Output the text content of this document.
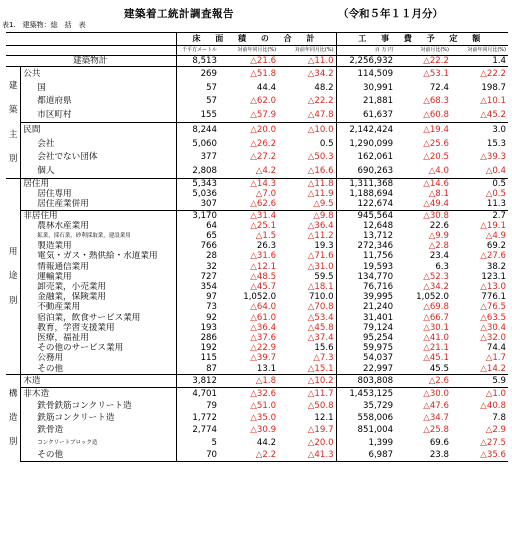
建築着工統計調査報告	（令和５年１１月分）
表1.　建築物：総　括　表
		床 面 積 の 合 計			工 事 費 予 定 額		
		千平方メートル	対前年同月比(%)	対前年同月比(%)	百 万 円	対前月比(%)	対前年同月比(%)
建築物計		8,513	△21.6	△11.0	2,256,932	△22.2	1.4

建
築
主
別	公共	269	△51.8	△34.2	114,509	△53.1	△22.2
	国	57	44.4	48.2	30,991	72.4	198.7
	都道府県	57	△62.0	△22.2	21,881	△68.3	△10.1
	市区町村	155	△57.9	△47.8	61,637	△60.8	△45.2
	民間	8,244	△20.0	△10.0	2,142,424	△19.4	3.0
	会社	5,060	△26.2	0.5	1,290,099	△25.6	15.3
	会社でない団体	377	△27.2	△50.3	162,061	△20.5	△39.3
	個人	2,808	△4.2	△16.6	690,263	△4.0	△0.4

用
途
別	居住用	5,343	△14.3	△11.8	1,311,368	△14.6	0.5
	居住専用	5,036	△7.0	△11.9	1,188,694	△8.1	△0.5
	居住産業併用	307	△62.6	△9.5	122,674	△49.4	11.3
	非居住用	3,170	△31.4	△9.8	945,564	△30.8	2.7
	農林水産業用	64	△25.1	△36.4	12,648	22.6	△19.1
	鉱業，採石業，砂利採取業，建設業用	65	△1.5	△11.2	13,712	△9.9	△4.9
	製造業用	766	26.3	19.3	272,346	△2.8	69.2
	電気・ガス・熱供給・水道業用	28	△31.6	△71.6	11,756	23.4	△27.6
	情報通信業用	32	△12.1	△31.0	19,593	6.3	38.2
	運輸業用	727	△48.5	59.5	134,770	△52.3	123.1
	卸売業，小売業用	354	△45.7	△18.1	76,716	△34.2	△13.0
	金融業，保険業用	97	1,052.0	710.0	39,995	1,052.0	776.1
	不動産業用	73	△64.0	△70.8	21,240	△69.8	△76.5
	宿泊業，飲食サービス業用	92	△61.0	△53.4	31,401	△66.7	△63.5
	教育，学習支援業用	193	△36.4	△45.8	79,124	△30.1	△30.4
	医療，福祉用	286	△37.6	△37.4	95,254	△41.0	△32.0
	その他のサービス業用	192	△22.9	15.6	59,975	△21.1	74.4
	公務用	115	△39.7	△7.3	54,037	△45.1	△1.7
	その他	87	13.1	△15.1	22,997	45.5	△14.2

構
造
別	木造	3,812	△1.8	△10.2	803,808	△2.6	5.9
	非木造	4,701	△32.6	△11.7	1,453,125	△30.0	△1.0
	鉄骨鉄筋コンクリート造	79	△51.0	△50.8	35,729	△47.6	△40.8
	鉄筋コンクリート造	1,772	△35.0	12.1	558,006	△34.7	7.8
	鉄骨造	2,774	△30.9	△19.7	851,004	△25.8	△2.9
	コンクリートブロック造	5	44.2	△20.0	1,399	69.6	△27.5
	その他	70	△2.2	△41.3	6,987	23.8	△35.6
